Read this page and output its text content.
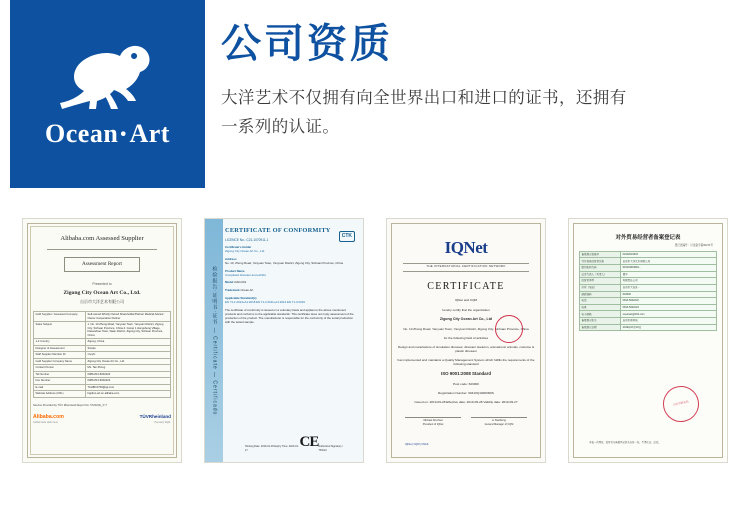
Ocean·Art
公司资质

大洋艺术不仅拥有向全世界出口和进口的证书，还拥有一系列的认证。

Alibaba.com Assessed Supplier
Assessment Report
Presented to
Zigong City Ocean Art Co., Ltd.
自贡市大洋艺术有限公司
Gold Supplier / Assessed Company	Self-owned Wholly Owned Shareholder/Partner Medical Advisor: Owner Cooperation Partner
Sales Subject	1. No. 10 Zhong Road, Yanyuan Town, Yanyuan District, Zigong City, Sichuan Province, China 2. Group 1 Hongsheng Village, Dasanchao Town, Daan District, Zigong City, Sichuan Province, China
1-2 Country	Zigong, China
Designer of Assessment	Simple
Staff Supplier Member ID	zonyfc
Gold Supplier Company Name	Zigong City Ocean Art Co., Ltd.
Contact Person	Ms. Tan Zhong
Tel Number	0086-813-5002222
Fax Number	0086-813-5002223
E-mail	TAHBO1769@qq.com
Website Address (URL)	bigdino-art.en.alibaba.com
Service Provided by TÜV Rheinland Report No. 57202(3)_P-T
Alibaba.com
Global trade starts here
TÜVRheinland
Precisely Right.
检验报告·证明书·证书 — Certificate — Certificado
CTK
CERTIFICATE OF CONFORMITY
LICENCE No.: C21-1070911-1
Certificate's Holder
Zigong City Ocean Art Co., Ltd.
Address
No. 10, Zhong Road, Yanyuan Town, Yanyuan District, Zigong City, Sichuan Province, China
Product Name
Completed dinosaur and exhibit
Model OAD-001
Trademark Ocean Art
Applicable Standard(s)
EN 71-1:2014+A1:2018 EN 71-2:2011+A1:2014 EN 71-3:2019
The certificate of conformity is issued on a voluntary basis and applies to the above mentioned products and conforms to the applicable standards. This certificate does not imply assessment of the production of the product. The manufacturer is responsible for the conformity of the serial production with the tested sample.
Hosting Date: 2019-01-18 Expiry Time: 2024-01-17
CE Authorized Signatory / TKSGC
IQNet
THE INTERNATIONAL CERTIFICATION NETWORK
CERTIFICATE
IQNet and CQM
hereby certify that the organization
Zigong City Ocean Art Co., Ltd
No. 10 Zhong Road, Yanyuan Town, Yanyuan District, Zigong City, Sichuan Province, China
for the following field of activities
Design and manufacture of simulation dinosaur, dinosaur skeleton, animatronic animals, costume & plastic dinosaur
has implemented and maintains a Quality Management System which fulfills the requirements of the following standard
ISO 9001:2008 Standard
Post code: 643000
Registration Number: 00419Q10000R0S
Issued on: 2019-09-28 Effective date: 2019-09-28 Validity date: 2019-09-27
Michael Drechsel
President of IQNet
Li XiaoDong
General Manager of CQM
IQNet | CQM | CNAS
对外贸易经营者备案登记表
登记表编号：川贡备字第00271号
备案登记表编号	01002019003
对外贸易经营者名称	自贡市大洋艺术有限公司
组织机构代码	91510300MA6...
法定代表人（负责人）	谭中
经营者类型	有限责任公司
住所（地址）	自贡市大安区...
邮政编码	643000
电话	0813-5002222
传真	0813-5002223
电子邮箱	oceanart@163.com
备案登记机关	自贡市商务局
备案登记日期	2019年03月18日
自贡市商务局
本表一式两份，经营者与备案登记机关各存一份，不得转让、涂改。
